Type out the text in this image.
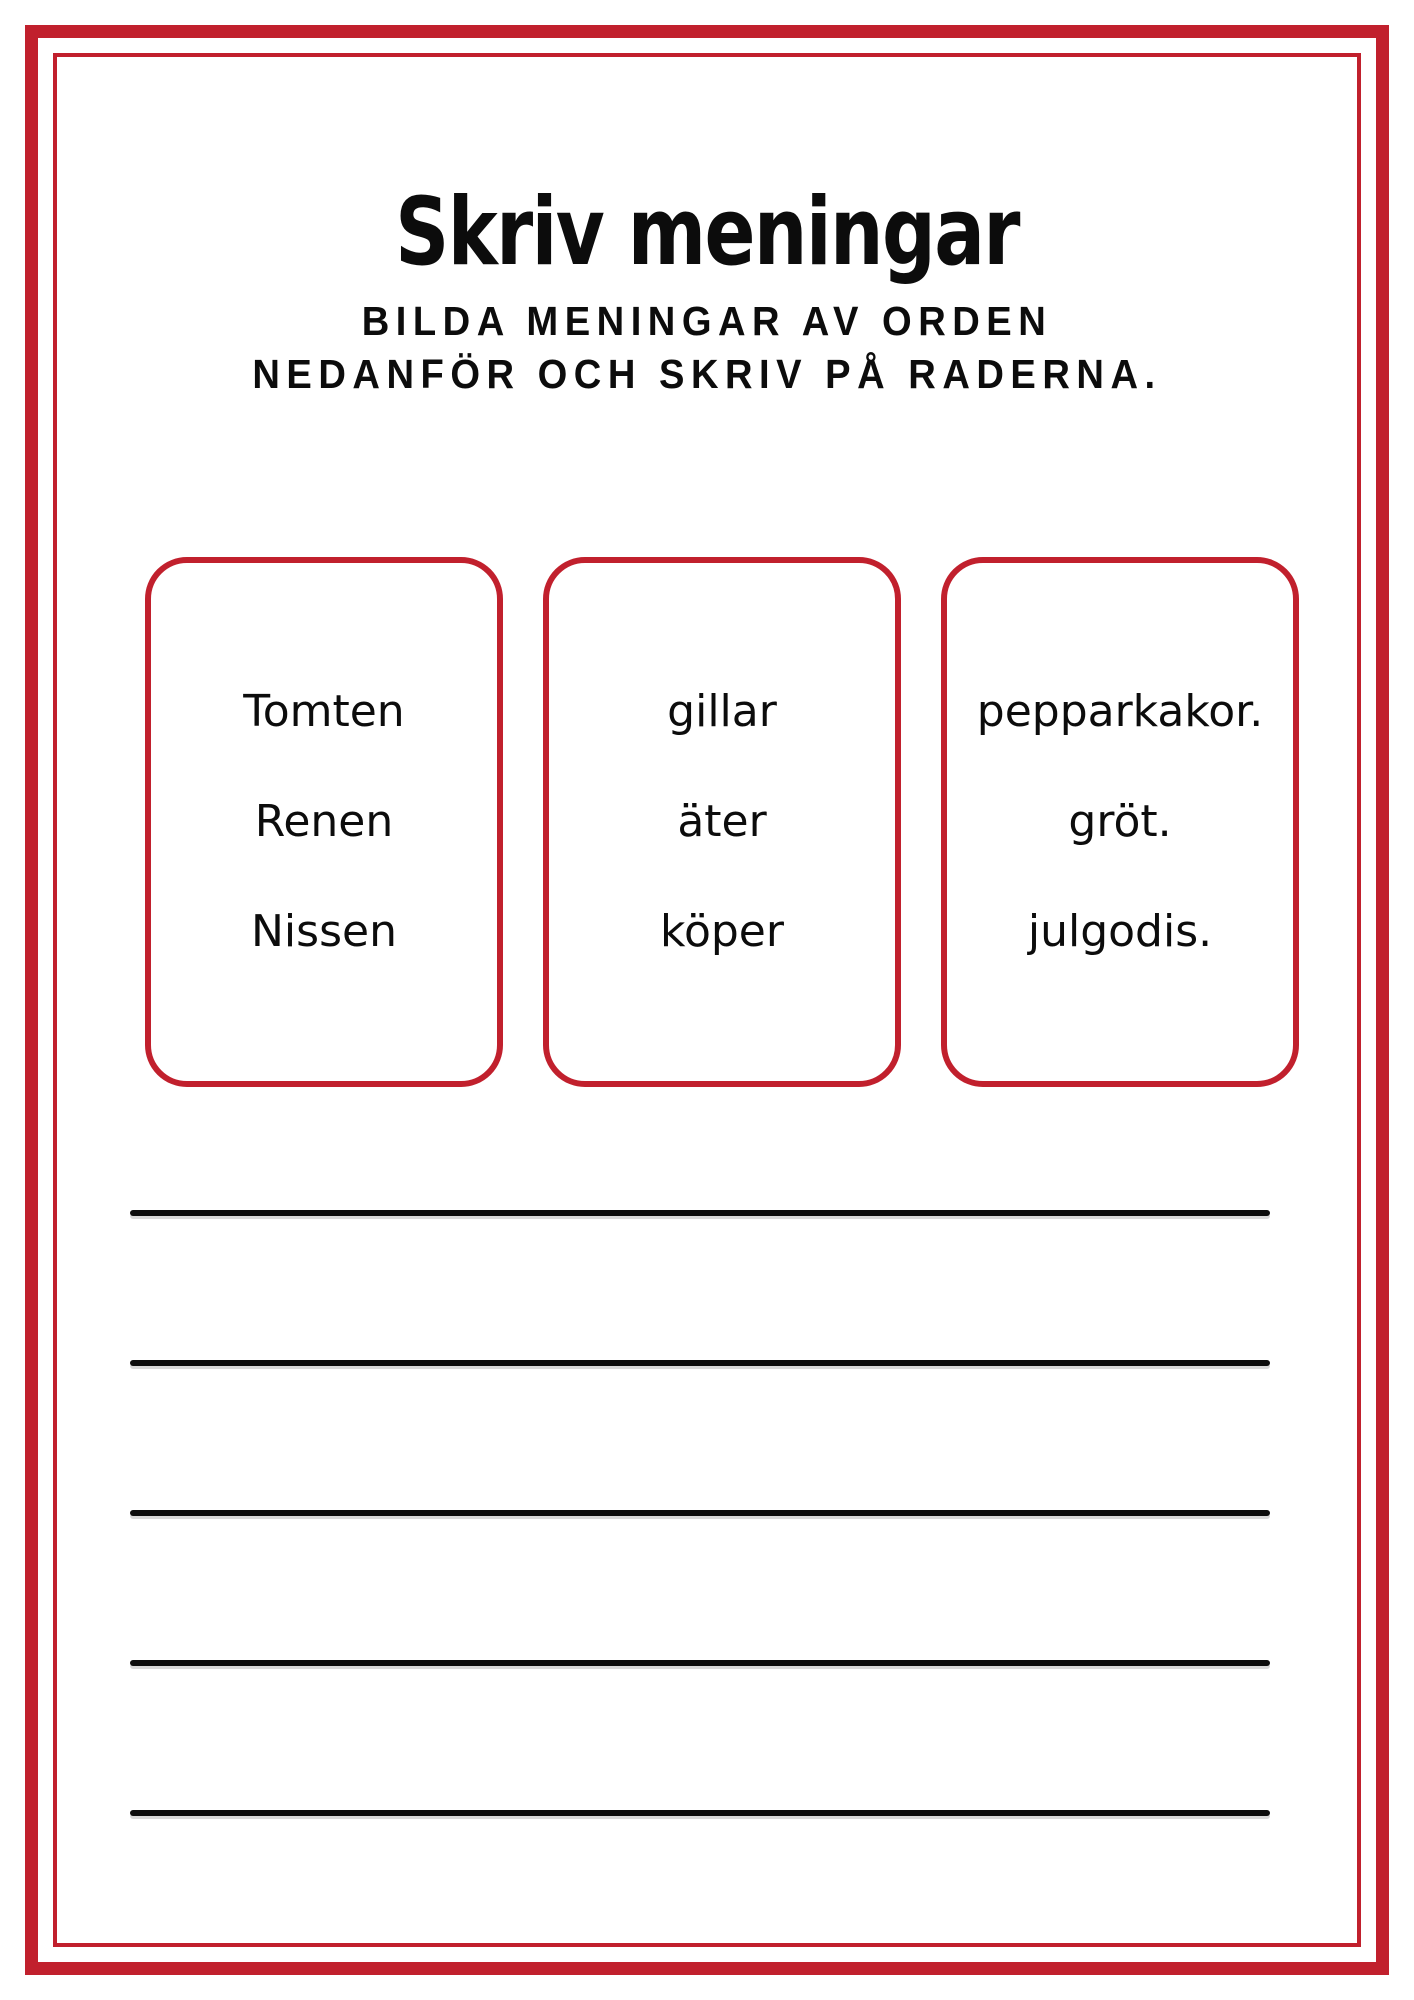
Skriv meningar
BILDA MENINGAR AV ORDEN
NEDANFÖR OCH SKRIV PÅ RADERNA.
Tomten
Renen
Nissen
gillar
äter
köper
pepparkakor.
gröt.
julgodis.
